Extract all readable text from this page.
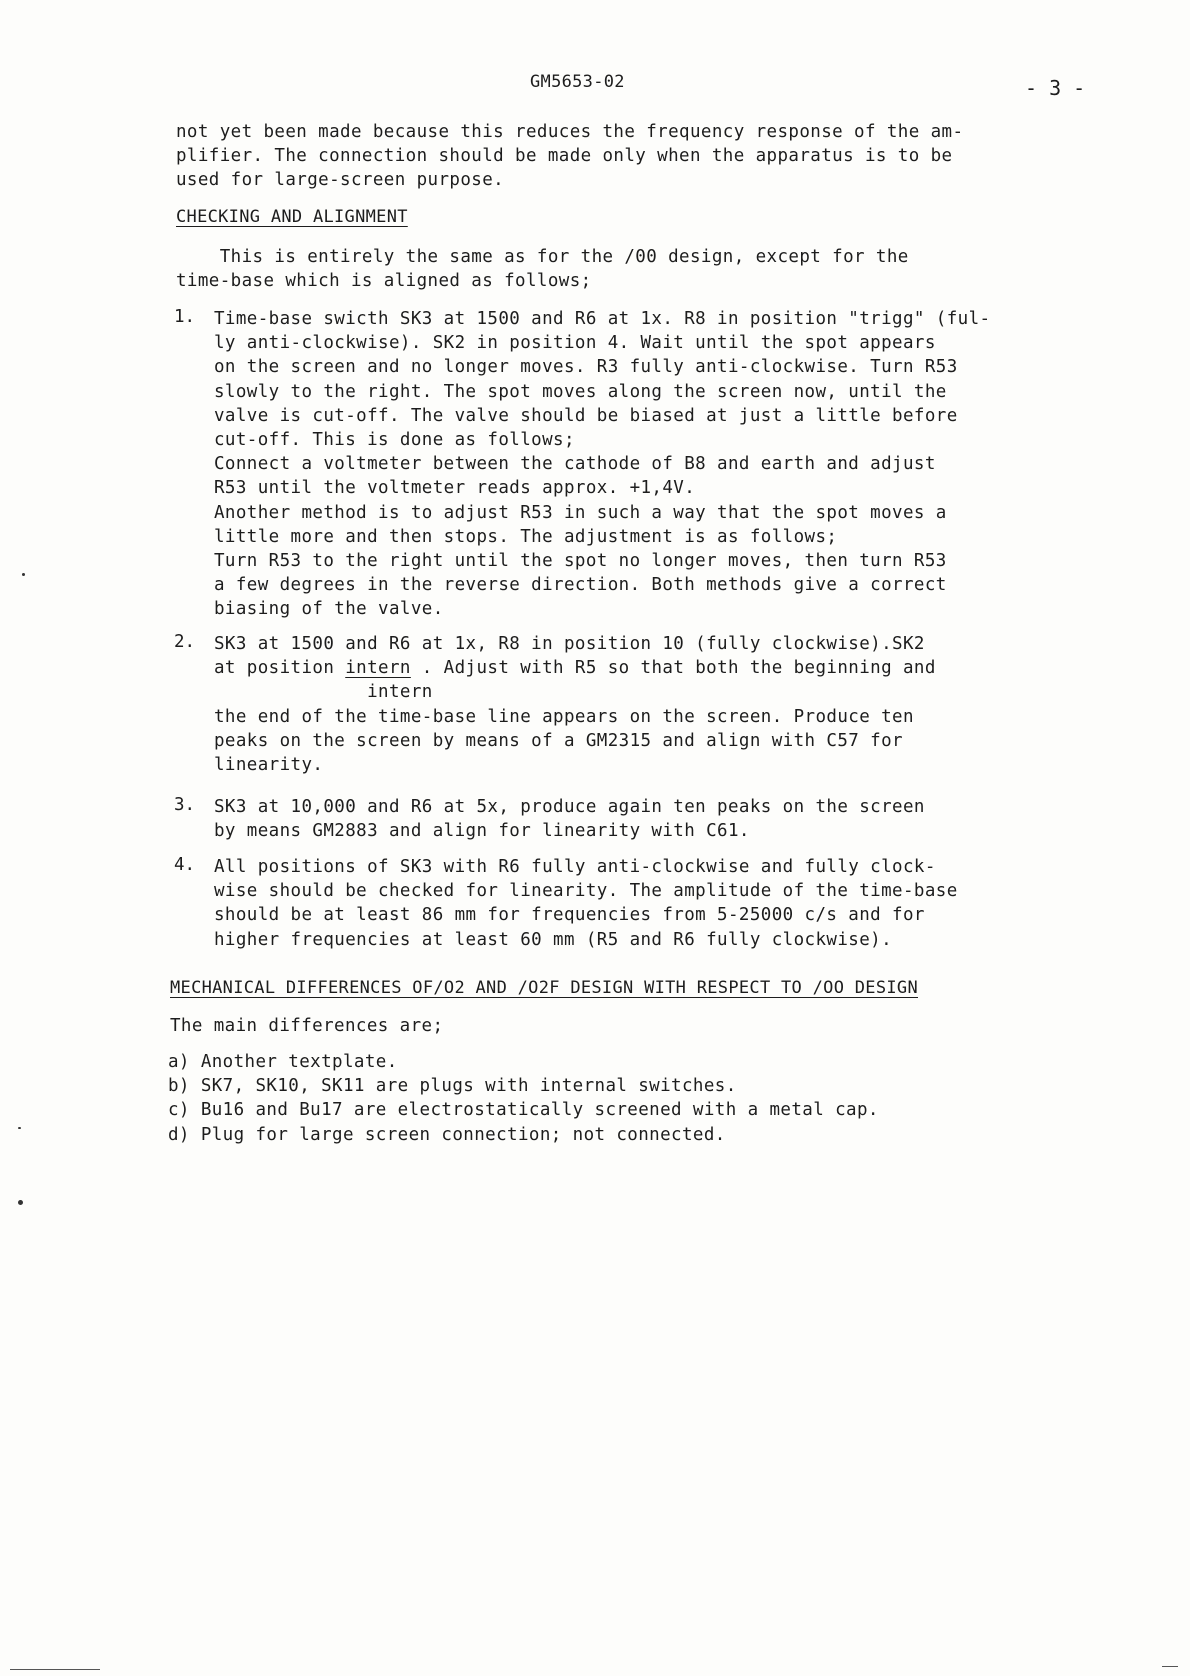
GM5653-02	- 3 -
not yet been made because this reduces the frequency response of the am-
plifier. The connection should be made only when the apparatus is to be
used for large-screen purpose.
CHECKING AND ALIGNMENT
This is entirely the same as for the /00 design, except for the
time-base which is aligned as follows;
1. Time-base swicth SK3 at 1500 and R6 at 1x. R8 in position "trigg" (ful-
ly anti-clockwise). SK2 in position 4. Wait until the spot appears
on the screen and no longer moves. R3 fully anti-clockwise. Turn R53
slowly to the right. The spot moves along the screen now, until the
valve is cut-off. The valve should be biased at just a little before
cut-off. This is done as follows;
Connect a voltmeter between the cathode of B8 and earth and adjust
R53 until the voltmeter reads approx. +1,4V.
Another method is to adjust R53 in such a way that the spot moves a
little more and then stops. The adjustment is as follows;
Turn R53 to the right until the spot no longer moves, then turn R53
a few degrees in the reverse direction. Both methods give a correct
biasing of the valve.
2. SK3 at 1500 and R6 at 1x, R8 in position 10 (fully clockwise).SK2
at position intern . Adjust with R5 so that both the beginning and
intern
the end of the time-base line appears on the screen. Produce ten
peaks on the screen by means of a GM2315 and align with C57 for
linearity.
3. SK3 at 10,000 and R6 at 5x, produce again ten peaks on the screen
by means GM2883 and align for linearity with C61.
4. All positions of SK3 with R6 fully anti-clockwise and fully clock-
wise should be checked for linearity. The amplitude of the time-base
should be at least 86 mm for frequencies from 5-25000 c/s and for
higher frequencies at least 60 mm (R5 and R6 fully clockwise).
MECHANICAL DIFFERENCES OF/O2 AND /O2F DESIGN WITH RESPECT TO /OO DESIGN
The main differences are;
a) Another textplate.
b) SK7, SK10, SK11 are plugs with internal switches.
c) Bu16 and Bu17 are electrostatically screened with a metal cap.
d) Plug for large screen connection; not connected.
